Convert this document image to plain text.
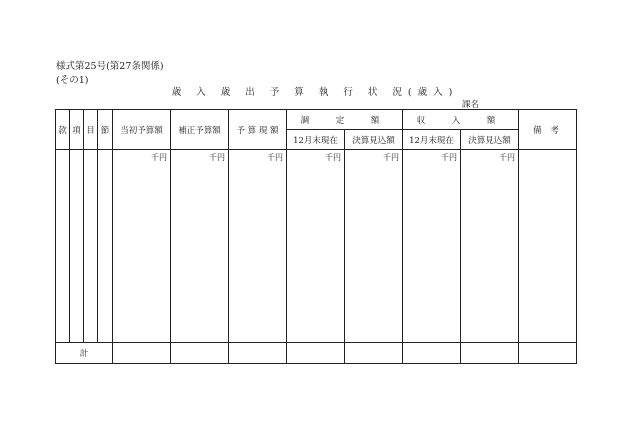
様式第25号(第27条関係)
(その1)
歳 入 歳 出 予 算 執 行 状 況(歳入)
課名
款	項	目	節	当初予算額	補正予算額	予 算 現 額	調　定　額		収　入　額		備 考
							12月末現在	決算見込額	12月末現在	決算見込額	
				千円	千円	千円	千円	千円	千円	千円	
計											
